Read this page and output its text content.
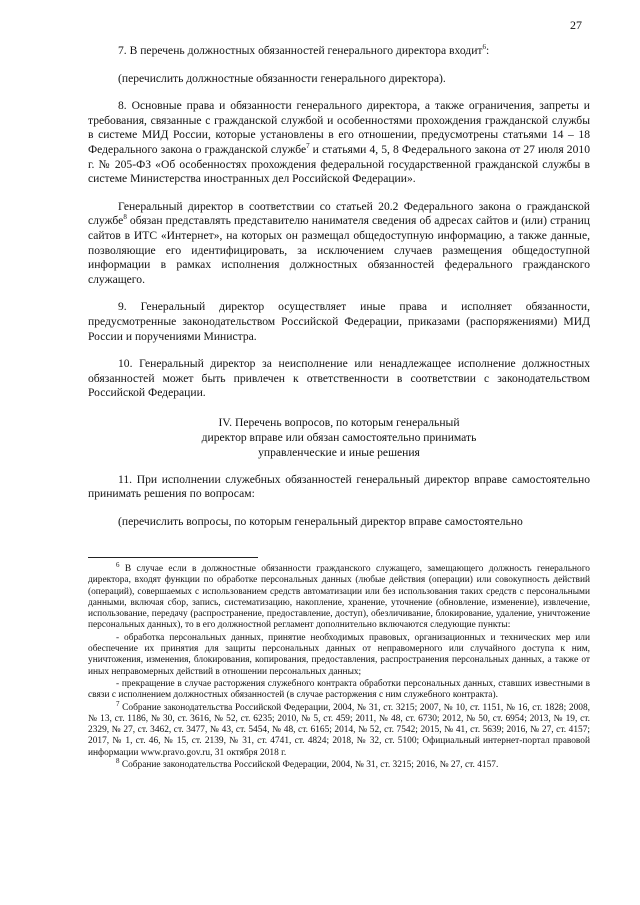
27

7. В перечень должностных обязанностей генерального директора входит$^6$:

(перечислить должностные обязанности генерального директора).

8. Основные права и обязанности генерального директора, а также ограничения, запреты и требования, связанные с гражданской службой и особенностями прохождения гражданской службы в системе МИД России, которые установлены в его отношении, предусмотрены статьями 14 – 18 Федерального закона о гражданской службе$^7$ и статьями 4, 5, 8 Федерального закона от 27 июля 2010 г. № 205-ФЗ «Об особенностях прохождения федеральной государственной гражданской службы в системе Министерства иностранных дел Российской Федерации».

Генеральный директор в соответствии со статьей 20.2 Федерального закона о гражданской службе$^8$ обязан представлять представителю нанимателя сведения об адресах сайтов и (или) страниц сайтов в ИТС «Интернет», на которых он размещал общедоступную информацию, а также данные, позволяющие его идентифицировать, за исключением случаев размещения общедоступной информации в рамках исполнения должностных обязанностей федерального гражданского служащего.

9. Генеральный директор осуществляет иные права и исполняет обязанности, предусмотренные законодательством Российской Федерации, приказами (распоряжениями) МИД России и поручениями Министра.

10. Генеральный директор за неисполнение или ненадлежащее исполнение должностных обязанностей может быть привлечен к ответственности в соответствии с законодательством Российской Федерации.

IV. Перечень вопросов, по которым генеральный
директор вправе или обязан самостоятельно принимать
управленческие и иные решения

11. При исполнении служебных обязанностей генеральный директор вправе самостоятельно принимать решения по вопросам:

(перечислить вопросы, по которым генеральный директор вправе самостоятельно

$^6$ В случае если в должностные обязанности гражданского служащего, замещающего должность генерального директора, входят функции по обработке персональных данных (любые действия (операции) или совокупность действий (операций), совершаемых с использованием средств автоматизации или без использования таких средств с персональными данными, включая сбор, запись, систематизацию, накопление, хранение, уточнение (обновление, изменение), извлечение, использование, передачу (распространение, предоставление, доступ), обезличивание, блокирование, удаление, уничтожение персональных данных), то в его должностной регламент дополнительно включаются следующие пункты:

- обработка персональных данных, принятие необходимых правовых, организационных и технических мер или обеспечение их принятия для защиты персональных данных от неправомерного или случайного доступа к ним, уничтожения, изменения, блокирования, копирования, предоставления, распространения персональных данных, а также от иных неправомерных действий в отношении персональных данных;

- прекращение в случае расторжения служебного контракта обработки персональных данных, ставших известными в связи с исполнением должностных обязанностей (в случае расторжения с ним служебного контракта).

$^7$ Собрание законодательства Российской Федерации, 2004, № 31, ст. 3215; 2007, № 10, ст. 1151, № 16, ст. 1828; 2008, № 13, ст. 1186, № 30, ст. 3616, № 52, ст. 6235; 2010, № 5, ст. 459; 2011, № 48, ст. 6730; 2012, № 50, ст. 6954; 2013, № 19, ст. 2329, № 27, ст. 3462, ст. 3477, № 43, ст. 5454, № 48, ст. 6165; 2014, № 52, ст. 7542; 2015, № 41, ст. 5639; 2016, № 27, ст. 4157; 2017, № 1, ст. 46, № 15, ст. 2139, № 31, ст. 4741, ст. 4824; 2018, № 32, ст. 5100; Официальный интернет-портал правовой информации www.pravo.gov.ru, 31 октября 2018 г.

$^8$ Собрание законодательства Российской Федерации, 2004, № 31, ст. 3215; 2016, № 27, ст. 4157.
